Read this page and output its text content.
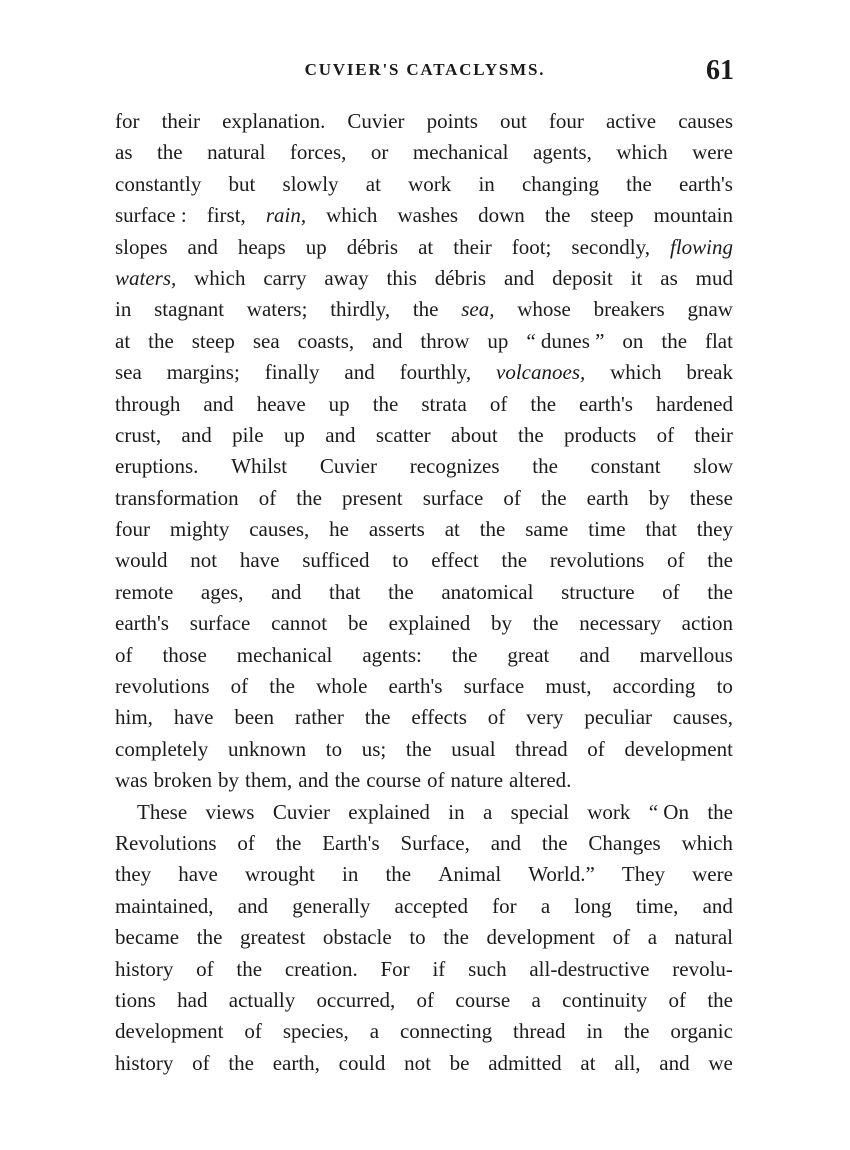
CUVIER'S CATACLYSMS.	61
for their explanation. Cuvier points out four active causes
as the natural forces, or mechanical agents, which were
constantly but slowly at work in changing the earth's
surface : first, rain, which washes down the steep mountain
slopes and heaps up débris at their foot; secondly, flowing
waters, which carry away this débris and deposit it as mud
in stagnant waters; thirdly, the sea, whose breakers gnaw
at the steep sea coasts, and throw up “ dunes ” on the flat
sea margins; finally and fourthly, volcanoes, which break
through and heave up the strata of the earth's hardened
crust, and pile up and scatter about the products of their
eruptions. Whilst Cuvier recognizes the constant slow
transformation of the present surface of the earth by these
four mighty causes, he asserts at the same time that they
would not have sufficed to effect the revolutions of the
remote ages, and that the anatomical structure of the
earth's surface cannot be explained by the necessary action
of those mechanical agents: the great and marvellous
revolutions of the whole earth's surface must, according to
him, have been rather the effects of very peculiar causes,
completely unknown to us; the usual thread of development
was broken by them, and the course of nature altered.
These views Cuvier explained in a special work “ On the
Revolutions of the Earth's Surface, and the Changes which
they have wrought in the Animal World.” They were
maintained, and generally accepted for a long time, and
became the greatest obstacle to the development of a natural
history of the creation. For if such all-destructive revolu-
tions had actually occurred, of course a continuity of the
development of species, a connecting thread in the organic
history of the earth, could not be admitted at all, and we
